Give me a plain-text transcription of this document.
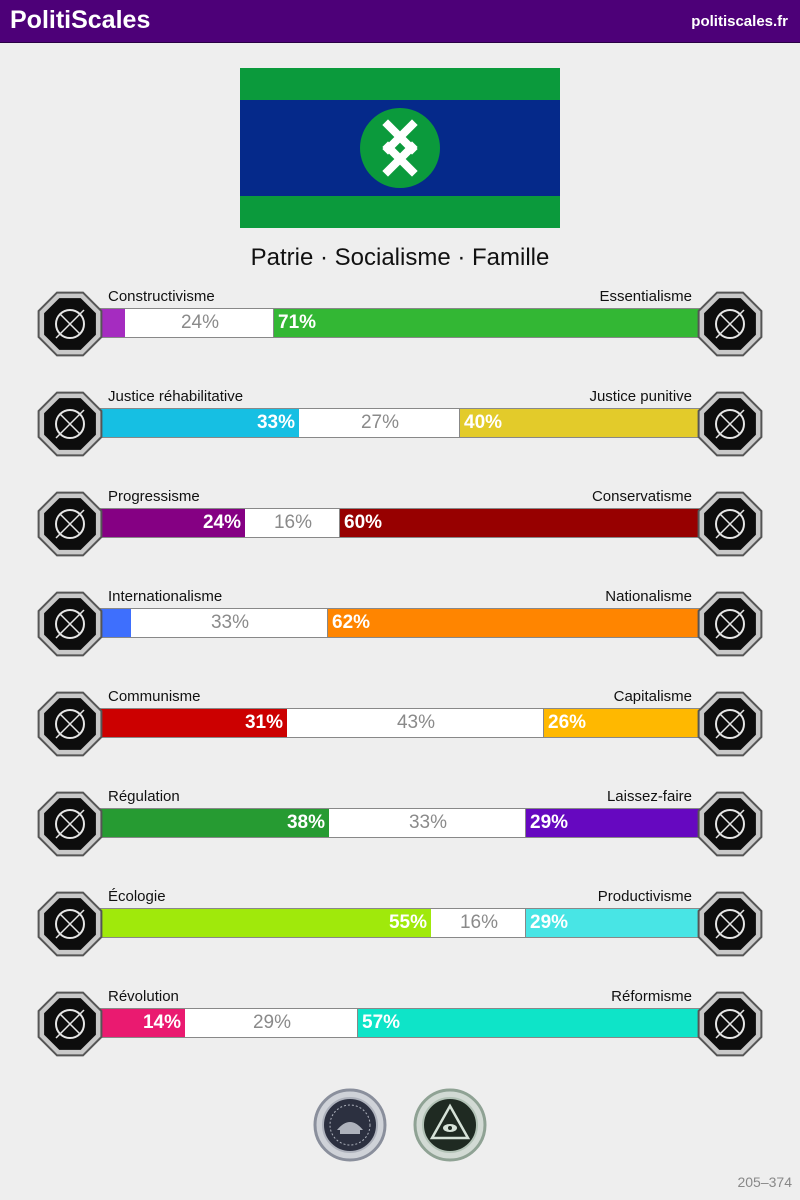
PolitiScales	politiscales.fr
Patrie · Socialisme · Famille
Constructivisme	Essentialisme
24%	71%
Justice réhabilitative	Justice punitive
33%	27%	40%
Progressisme	Conservatisme
24%	16%	60%
Internationalisme	Nationalisme
33%	62%
Communisme	Capitalisme
31%	43%	26%
Régulation	Laissez-faire
38%	33%	29%
Écologie	Productivisme
55%	16%	29%
Révolution	Réformisme
14%	29%	57%
205–374
